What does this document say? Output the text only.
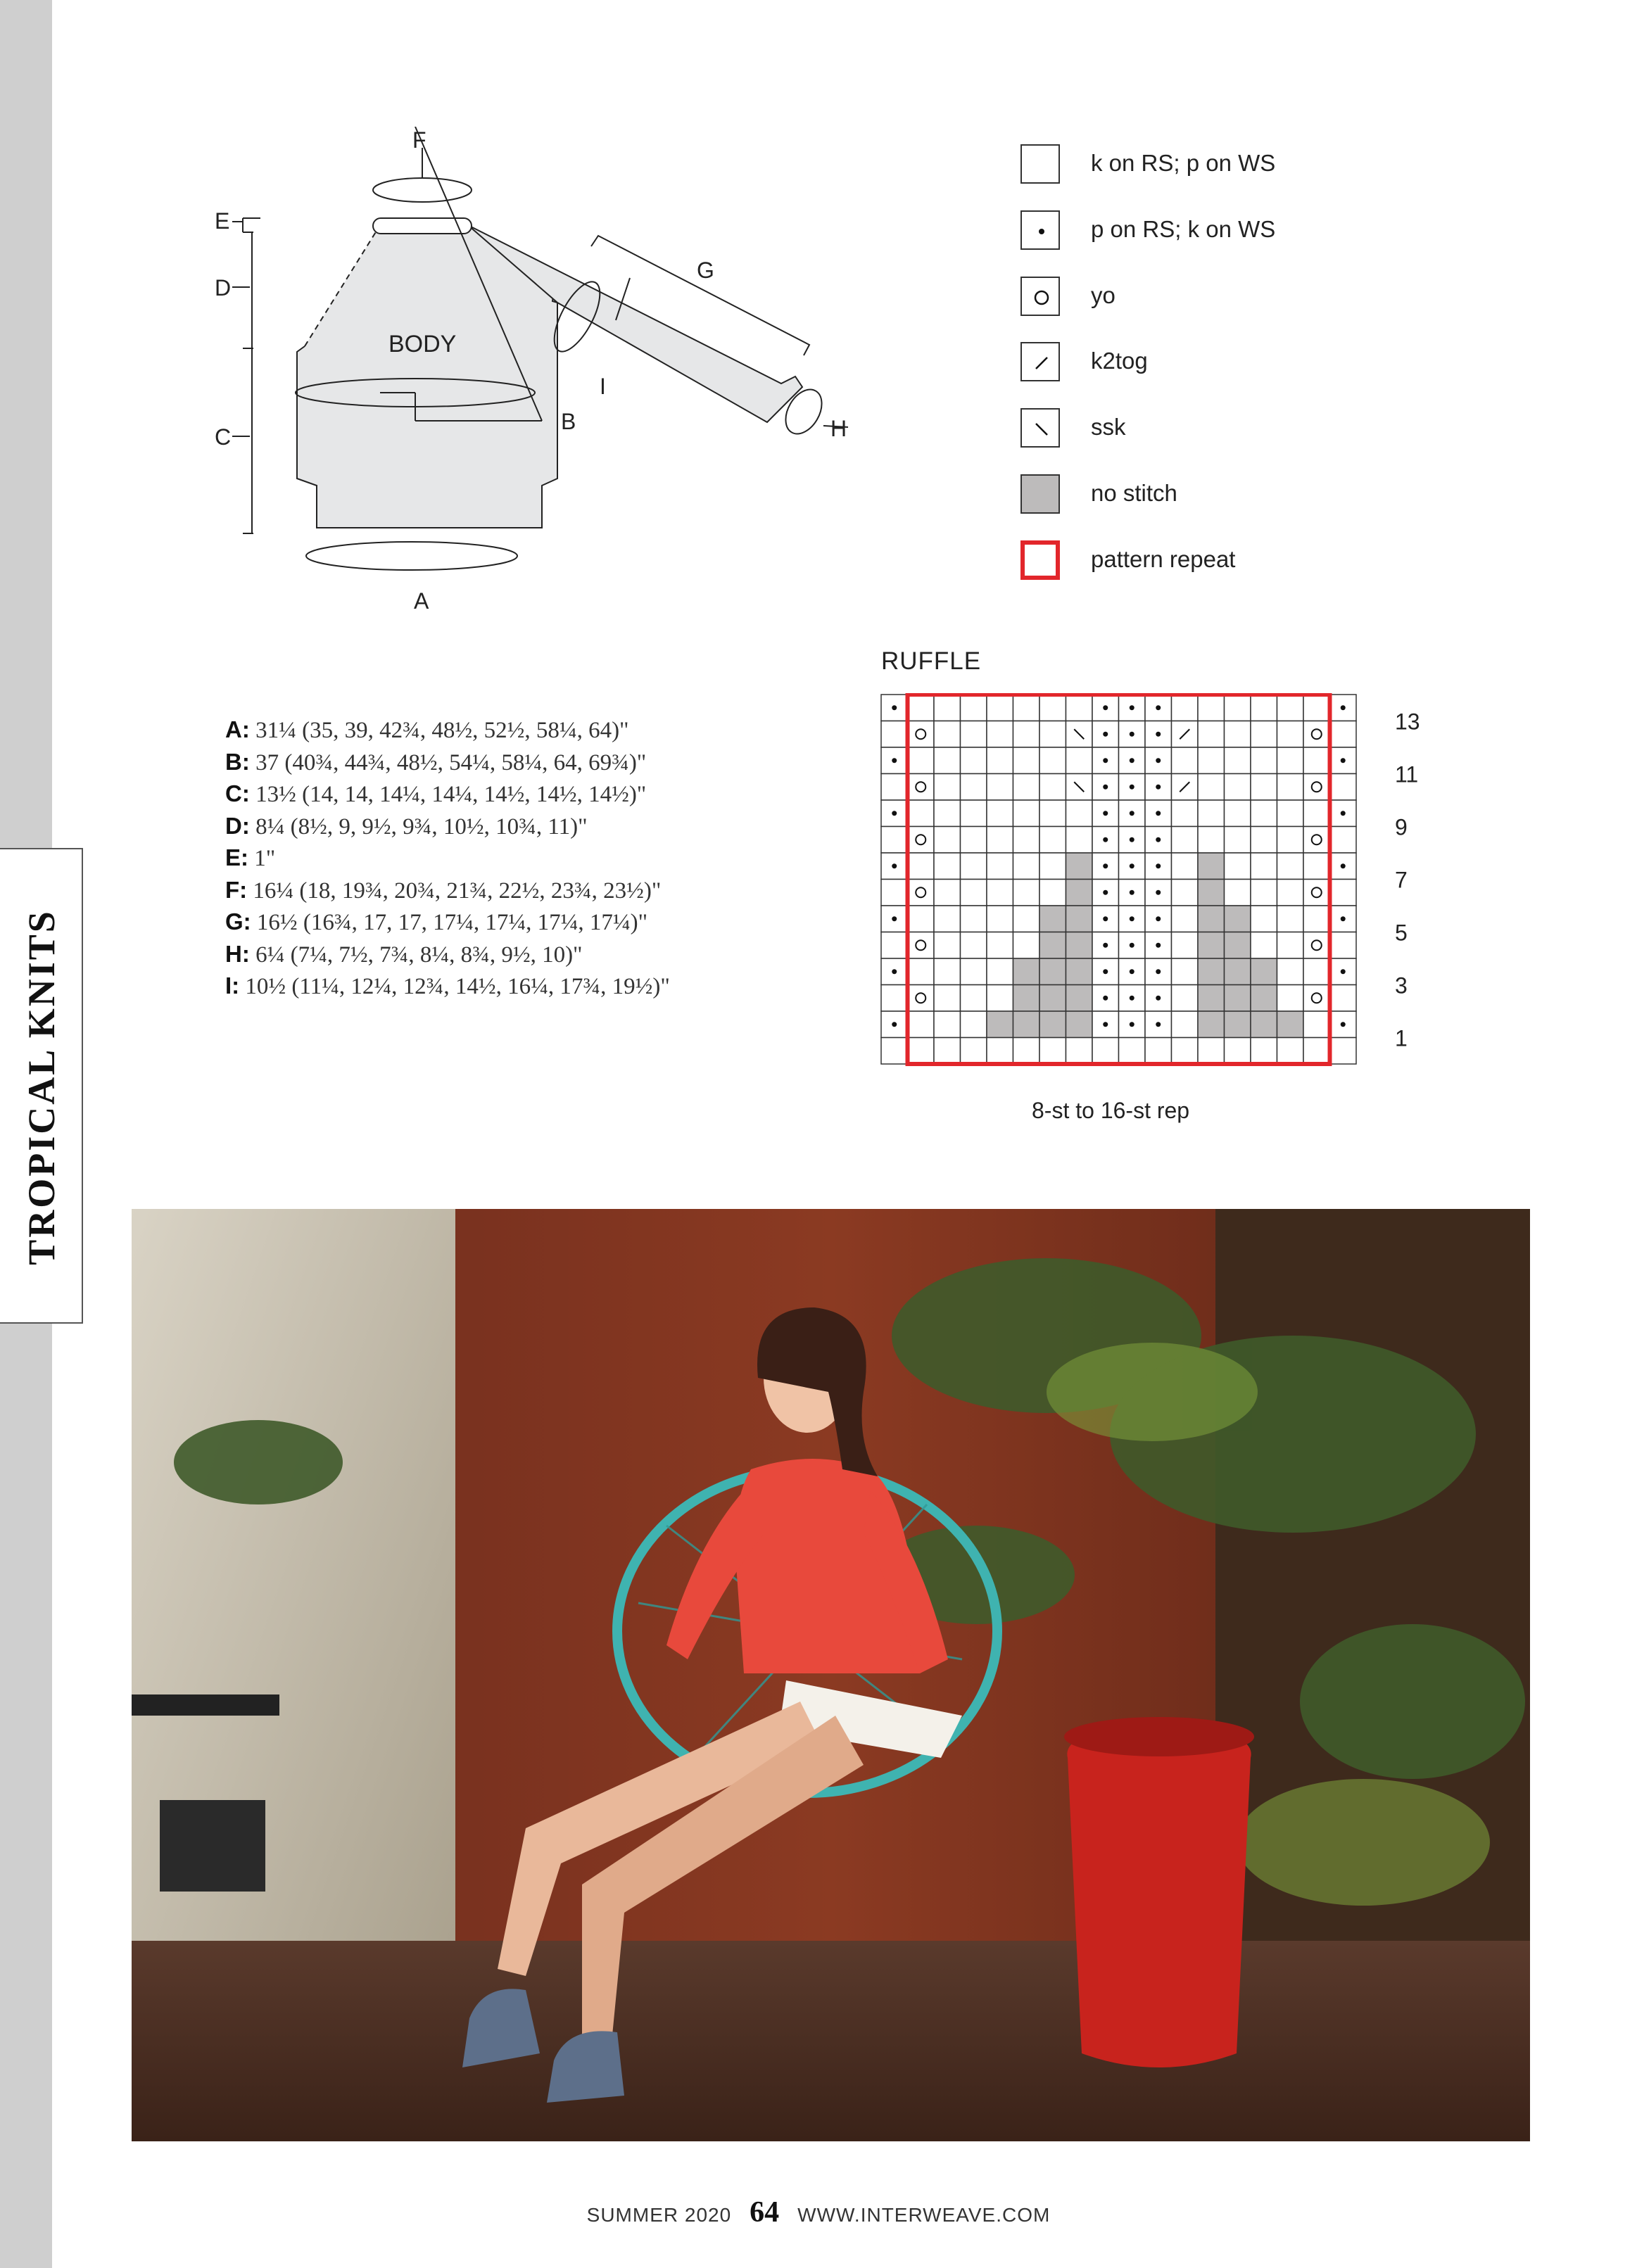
TROPICAL KNITS
F
E
D
C
G
I
B	H
A
BODY
k on RS; p on WS
p on RS; k on WS
yo
k2tog
ssk
no stitch
pattern repeat
RUFFLE
13
11
9
7
5
3
1
8-st to 16-st rep
A: 31¼ (35, 39, 42¾, 48½, 52½, 58¼, 64)"
B: 37 (40¾, 44¾, 48½, 54¼, 58¼, 64, 69¾)"
C: 13½ (14, 14, 14¼, 14¼, 14½, 14½, 14½)"
D: 8¼ (8½, 9, 9½, 9¾, 10½, 10¾, 11)"
E: 1"
F: 16¼ (18, 19¾, 20¾, 21¾, 22½, 23¾, 23½)"
G: 16½ (16¾, 17, 17, 17¼, 17¼, 17¼, 17¼)"
H: 6¼ (7¼, 7½, 7¾, 8¼, 8¾, 9½, 10)"
I: 10½ (11¼, 12¼, 12¾, 14½, 16¼, 17¾, 19½)"
SUMMER 2020 64 WWW.INTERWEAVE.COM
